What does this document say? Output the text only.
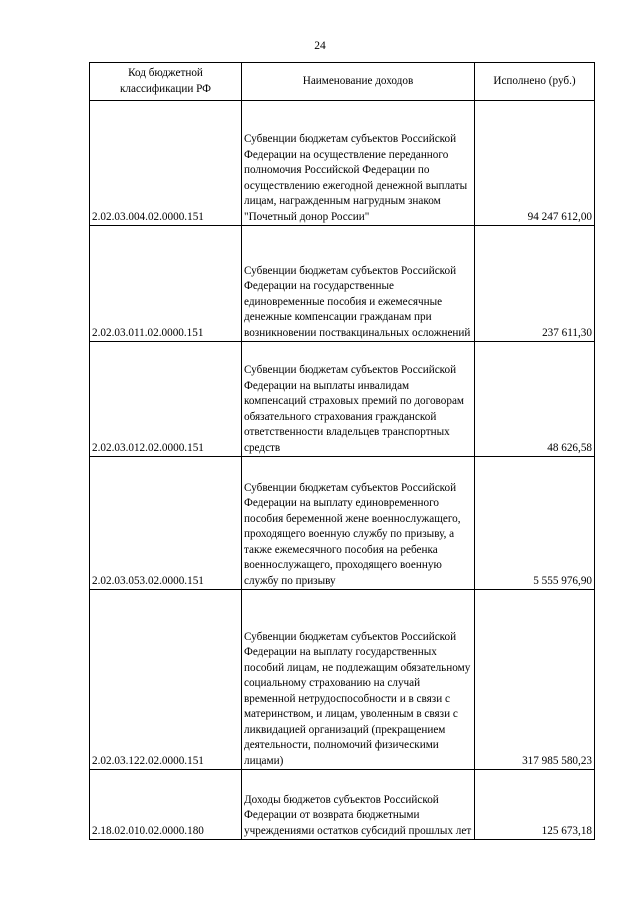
24
Код бюджетной классификации РФ	Наименование доходов	Исполнено (руб.)
2.02.03.004.02.0000.151	Субвенции бюджетам субъектов Российской Федерации на осуществление переданного полномочия Российской Федерации по осуществлению ежегодной денежной выплаты лицам, награжденным нагрудным знаком "Почетный донор России"	94 247 612,00
2.02.03.011.02.0000.151	Субвенции бюджетам субъектов Российской Федерации на государственные единовременные пособия и ежемесячные денежные компенсации гражданам при возникновении поствакцинальных осложнений	237 611,30
2.02.03.012.02.0000.151	Субвенции бюджетам субъектов Российской Федерации на выплаты инвалидам компенсаций страховых премий по договорам обязательного страхования гражданской ответственности владельцев транспортных средств	48 626,58
2.02.03.053.02.0000.151	Субвенции бюджетам субъектов Российской Федерации на выплату единовременного пособия беременной жене военнослужащего, проходящего военную службу по призыву, а также ежемесячного пособия на ребенка военнослужащего, проходящего военную службу по призыву	5 555 976,90
2.02.03.122.02.0000.151	Субвенции бюджетам субъектов Российской Федерации на выплату государственных пособий лицам, не подлежащим обязательному социальному страхованию на случай временной нетрудоспособности и в связи с материнством, и лицам, уволенным в связи с ликвидацией организаций (прекращением деятельности, полномочий физическими лицами)	317 985 580,23
2.18.02.010.02.0000.180	Доходы бюджетов субъектов Российской Федерации от возврата бюджетными учреждениями остатков субсидий прошлых лет	125 673,18
